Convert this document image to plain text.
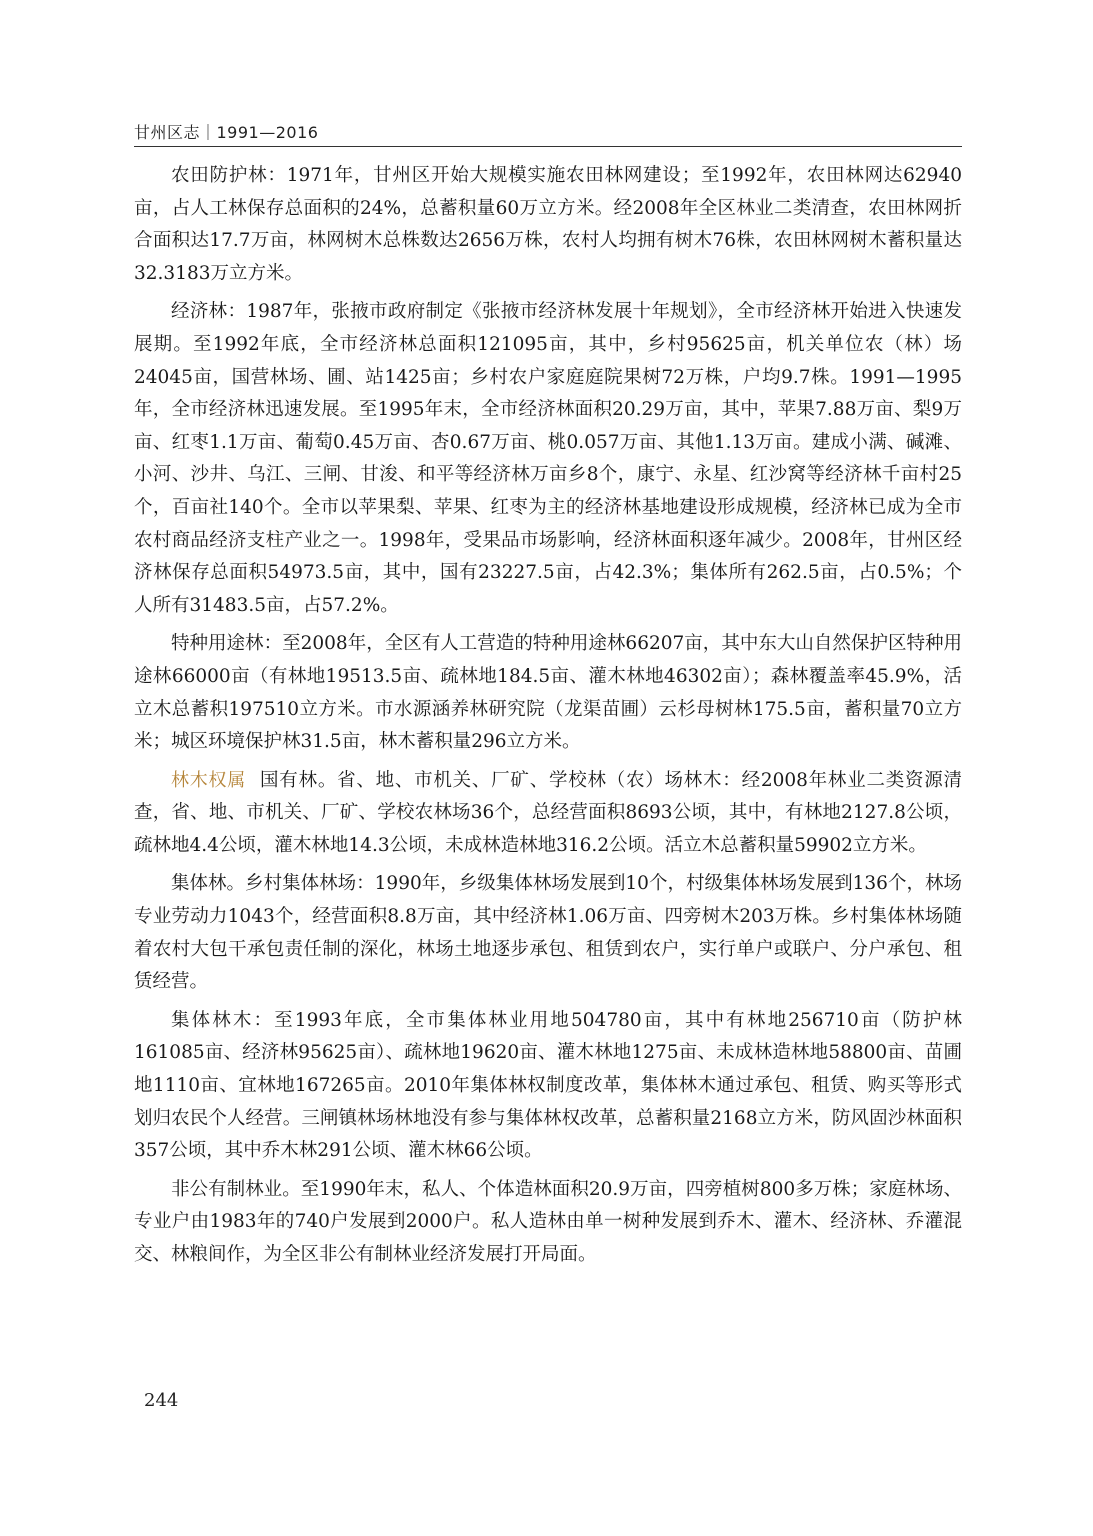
甘州区志｜1991—2016

农田防护林：1971年，甘州区开始大规模实施农田林网建设；至1992年，农田林网达62940亩，占人工林保存总面积的24%，总蓄积量60万立方米。经2008年全区林业二类清查，农田林网折合面积达17.7万亩，林网树木总株数达2656万株，农村人均拥有树木76株，农田林网树木蓄积量达32.3183万立方米。

经济林：1987年，张掖市政府制定《张掖市经济林发展十年规划》，全市经济林开始进入快速发展期。至1992年底，全市经济林总面积121095亩，其中，乡村95625亩，机关单位农（林）场24045亩，国营林场、圃、站1425亩；乡村农户家庭庭院果树72万株，户均9.7株。1991—1995年，全市经济林迅速发展。至1995年末，全市经济林面积20.29万亩，其中，苹果7.88万亩、梨9万亩、红枣1.1万亩、葡萄0.45万亩、杏0.67万亩、桃0.057万亩、其他1.13万亩。建成小满、碱滩、小河、沙井、乌江、三闸、甘浚、和平等经济林万亩乡8个，康宁、永星、红沙窝等经济林千亩村25个，百亩社140个。全市以苹果梨、苹果、红枣为主的经济林基地建设形成规模，经济林已成为全市农村商品经济支柱产业之一。1998年，受果品市场影响，经济林面积逐年减少。2008年，甘州区经济林保存总面积54973.5亩，其中，国有23227.5亩，占42.3%；集体所有262.5亩，占0.5%；个人所有31483.5亩，占57.2%。

特种用途林：至2008年，全区有人工营造的特种用途林66207亩，其中东大山自然保护区特种用途林66000亩（有林地19513.5亩、疏林地184.5亩、灌木林地46302亩）；森林覆盖率45.9%，活立木总蓄积197510立方米。市水源涵养林研究院（龙渠苗圃）云杉母树林175.5亩，蓄积量70立方米；城区环境保护林31.5亩，林木蓄积量296立方米。

林木权属 国有林。省、地、市机关、厂矿、学校林（农）场林木：经2008年林业二类资源清查，省、地、市机关、厂矿、学校农林场36个，总经营面积8693公顷，其中，有林地2127.8公顷，疏林地4.4公顷，灌木林地14.3公顷，未成林造林地316.2公顷。活立木总蓄积量59902立方米。

集体林。乡村集体林场：1990年，乡级集体林场发展到10个，村级集体林场发展到136个，林场专业劳动力1043个，经营面积8.8万亩，其中经济林1.06万亩、四旁树木203万株。乡村集体林场随着农村大包干承包责任制的深化，林场土地逐步承包、租赁到农户，实行单户或联户、分户承包、租赁经营。

集体林木：至1993年底，全市集体林业用地504780亩，其中有林地256710亩（防护林161085亩、经济林95625亩）、疏林地19620亩、灌木林地1275亩、未成林造林地58800亩、苗圃地1110亩、宜林地167265亩。2010年集体林权制度改革，集体林木通过承包、租赁、购买等形式划归农民个人经营。三闸镇林场林地没有参与集体林权改革，总蓄积量2168立方米，防风固沙林面积357公顷，其中乔木林291公顷、灌木林66公顷。

非公有制林业。至1990年末，私人、个体造林面积20.9万亩，四旁植树800多万株；家庭林场、专业户由1983年的740户发展到2000户。私人造林由单一树种发展到乔木、灌木、经济林、乔灌混交、林粮间作，为全区非公有制林业经济发展打开局面。

244
